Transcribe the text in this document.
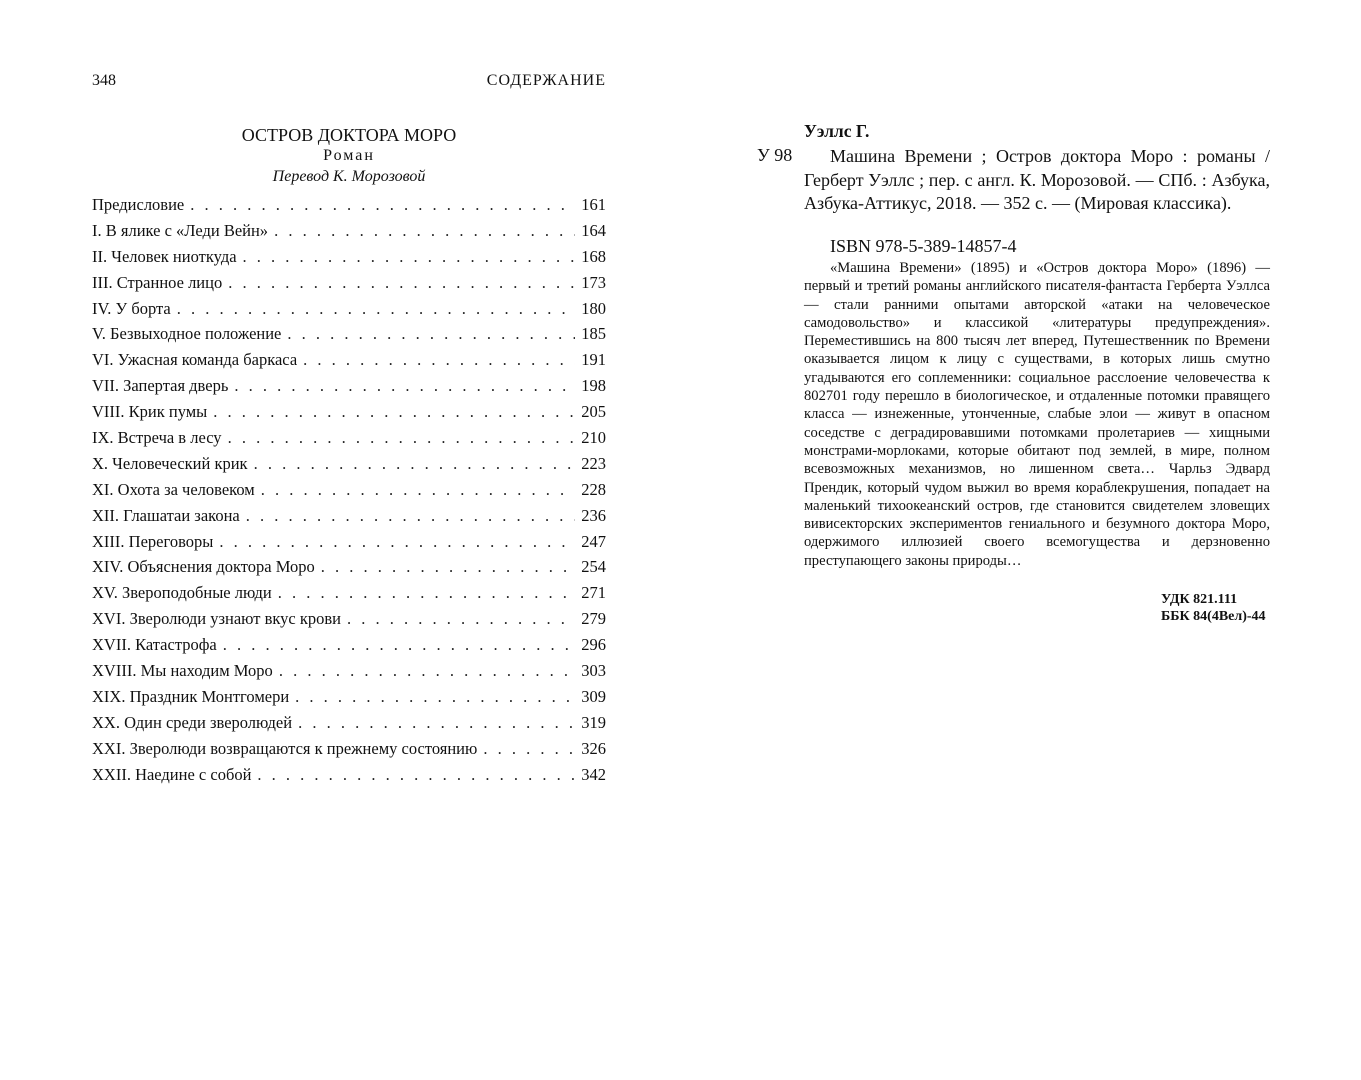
348	СОДЕРЖАНИЕ
ОСТРОВ ДОКТОРА МОРО
Роман
Перевод К. Морозовой
Предисловие . . .	161
I. В ялике с «Леди Вейн» . . .	164
II. Человек ниоткуда . . .	168
III. Странное лицо . . .	173
IV. У борта . . .	180
V. Безвыходное положение . . .	185
VI. Ужасная команда баркаса . . .	191
VII. Запертая дверь . . .	198
VIII. Крик пумы . . .	205
IX. Встреча в лесу . . .	210
X. Человеческий крик . . .	223
XI. Охота за человеком . . .	228
XII. Глашатаи закона . . .	236
XIII. Переговоры . . .	247
XIV. Объяснения доктора Моро . . .	254
XV. Звероподобные люди . . .	271
XVI. Зверолюди узнают вкус крови . . .	279
XVII. Катастрофа . . .	296
XVIII. Мы находим Моро . . .	303
XIX. Праздник Монтгомери . . .	309
XX. Один среди зверолюдей . . .	319
XXI. Зверолюди возвращаются к прежнему состоянию . . .	326
XXII. Наедине с собой . . .	342
Уэллс Г.
У 98	Машина Времени ; Остров доктора Моро : романы / Герберт Уэллс ; пер. с англ. К. Морозовой. — СПб. : Азбука, Азбука-Аттикус, 2018. — 352 с. — (Мировая классика).

ISBN 978-5-389-14857-4

«Машина Времени» (1895) и «Остров доктора Моро» (1896) — первый и третий романы английского писателя-фантаста Герберта Уэллса — стали ранними опытами авторской «атаки на человеческое самодовольство» и классикой «литературы предупреждения». Переместившись на 800 тысяч лет вперед, Путешественник по Времени оказывается лицом к лицу с существами, в которых лишь смутно угадываются его соплеменники: социальное расслоение человечества к 802701 году перешло в биологическое, и отдаленные потомки правящего класса — изнеженные, утонченные, слабые элои — живут в опасном соседстве с деградировавшими потомками пролетариев — хищными монстрами-морлоками, которые обитают под землей, в мире, полном всевозможных механизмов, но лишенном света… Чарльз Эдвард Прендик, который чудом выжил во время кораблекрушения, попадает на маленький тихоокеанский остров, где становится свидетелем зловещих вивисекторских экспериментов гениального и безумного доктора Моро, одержимого иллюзией своего всемогущества и дерзновенно преступающего законы природы…

УДК 821.111
ББК 84(4Вел)-44
